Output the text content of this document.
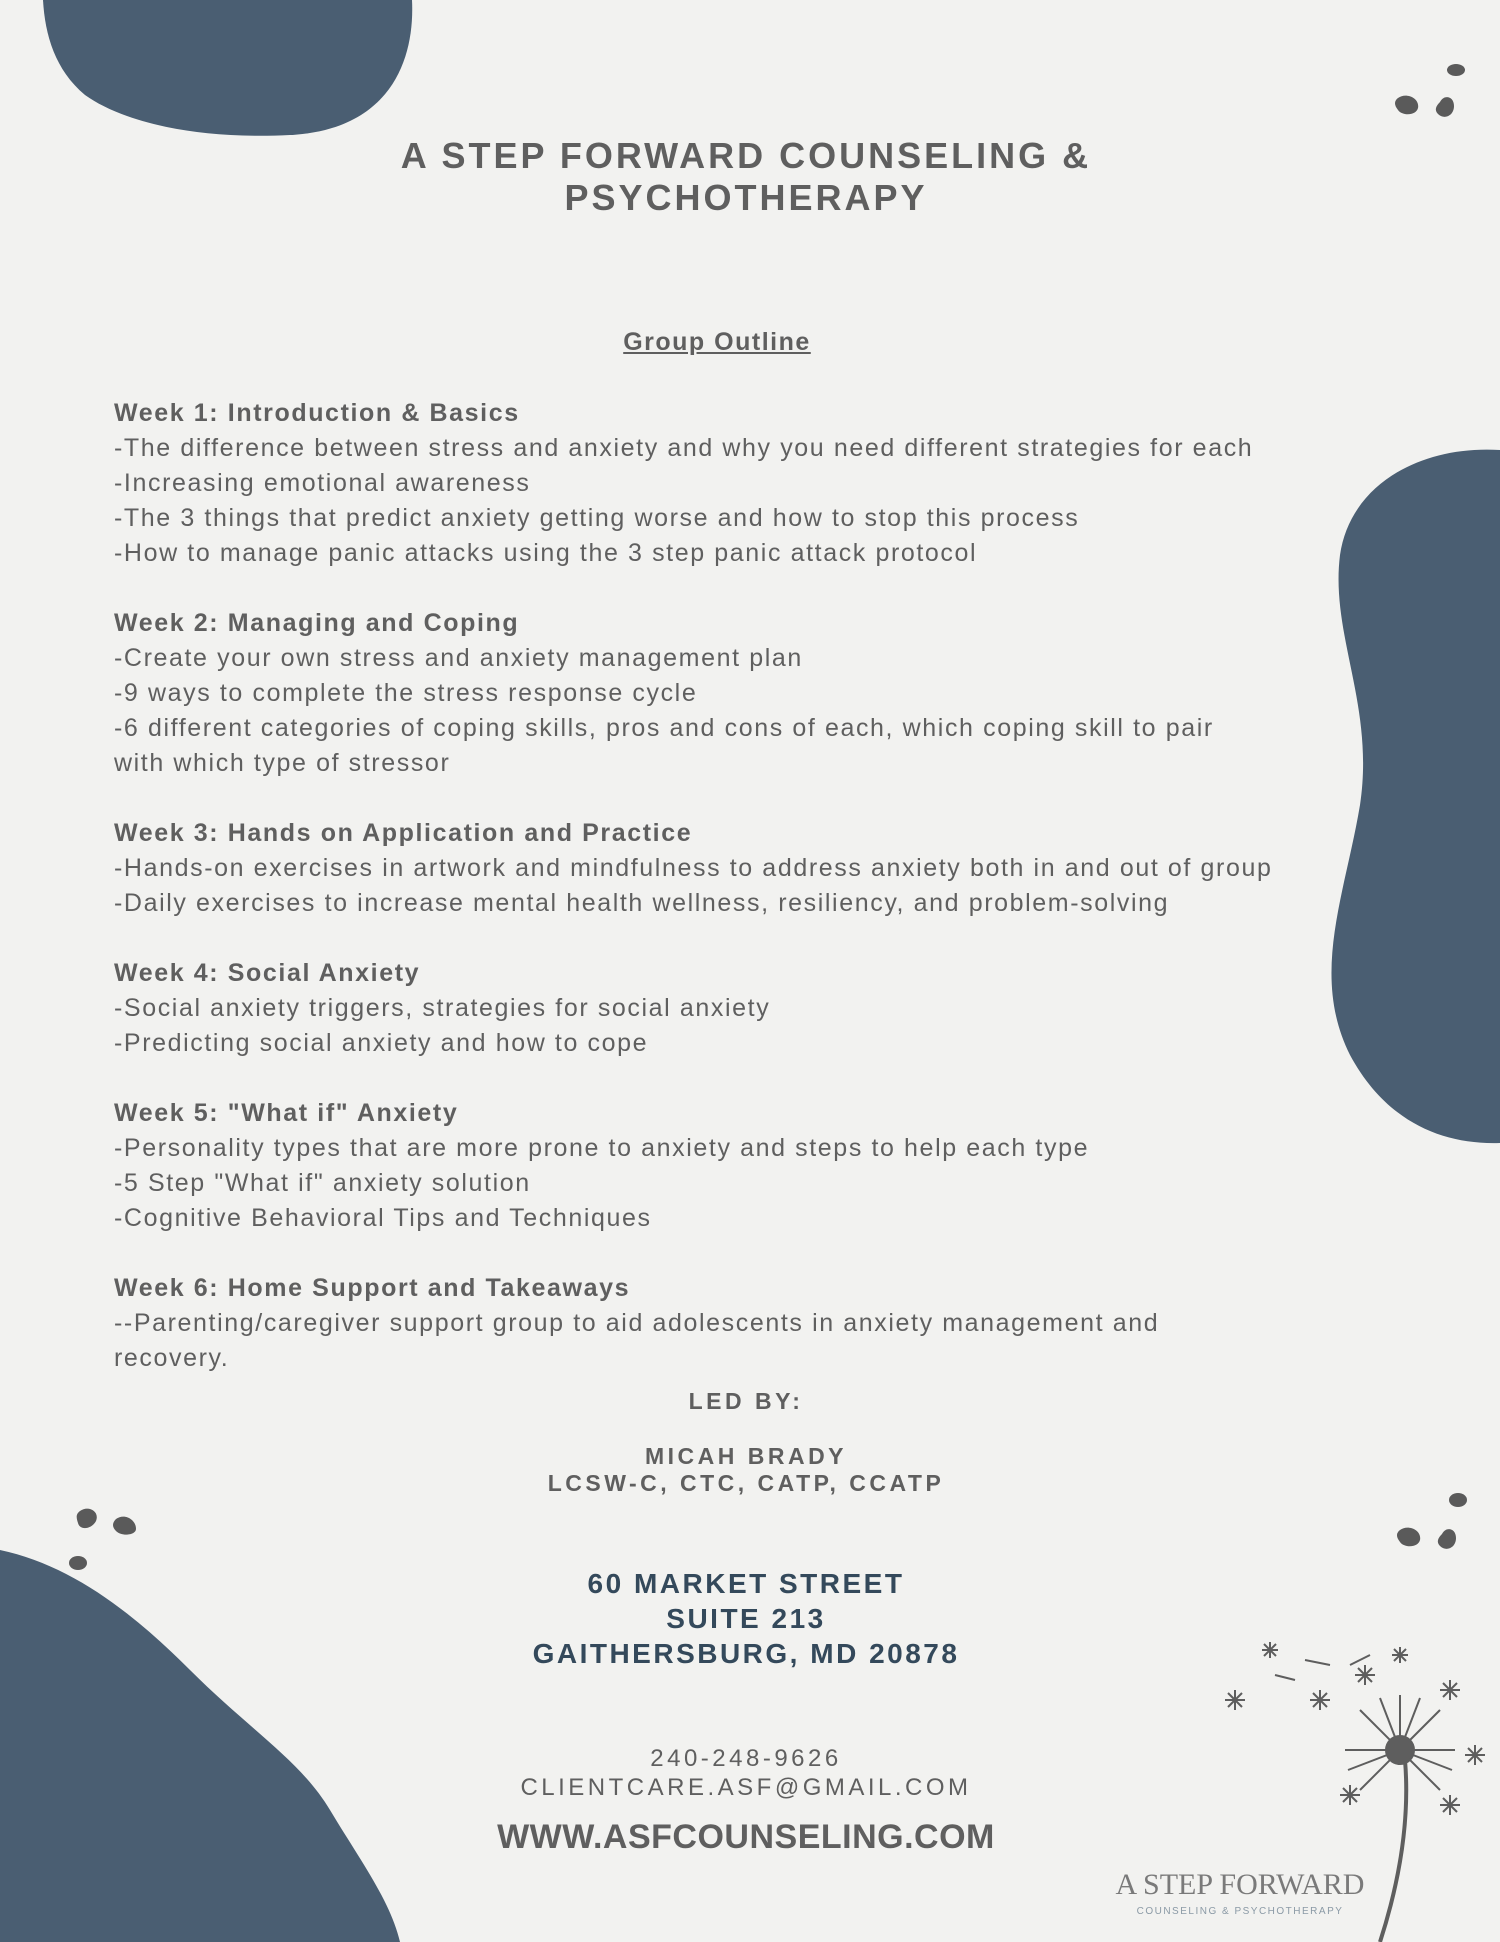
A STEP FORWARD COUNSELING &
PSYCHOTHERAPY
Group Outline
Week 1: Introduction & Basics
-The difference between stress and anxiety and why you need different strategies for each
-Increasing emotional awareness
-The 3 things that predict anxiety getting worse and how to stop this process
-How to manage panic attacks using the 3 step panic attack protocol
Week 2: Managing and Coping
-Create your own stress and anxiety management plan
-9 ways to complete the stress response cycle
-6 different categories of coping skills, pros and cons of each, which coping skill to pair
with which type of stressor
Week 3: Hands on Application and Practice
-Hands-on exercises in artwork and mindfulness to address anxiety both in and out of group
-Daily exercises to increase mental health wellness, resiliency, and problem-solving
Week 4: Social Anxiety
-Social anxiety triggers, strategies for social anxiety
-Predicting social anxiety and how to cope
Week 5: "What if" Anxiety
-Personality types that are more prone to anxiety and steps to help each type
-5 Step "What if" anxiety solution
-Cognitive Behavioral Tips and Techniques
Week 6: Home Support and Takeaways
--Parenting/caregiver support group to aid adolescents in anxiety management and
recovery.
LED BY:
MICAH BRADY
LCSW-C, CTC, CATP, CCATP
60 MARKET STREET
SUITE 213
GAITHERSBURG, MD 20878
240-248-9626
CLIENTCARE.ASF@GMAIL.COM
WWW.ASFCOUNSELING.COM
A STEP FORWARD
COUNSELING & PSYCHOTHERAPY
